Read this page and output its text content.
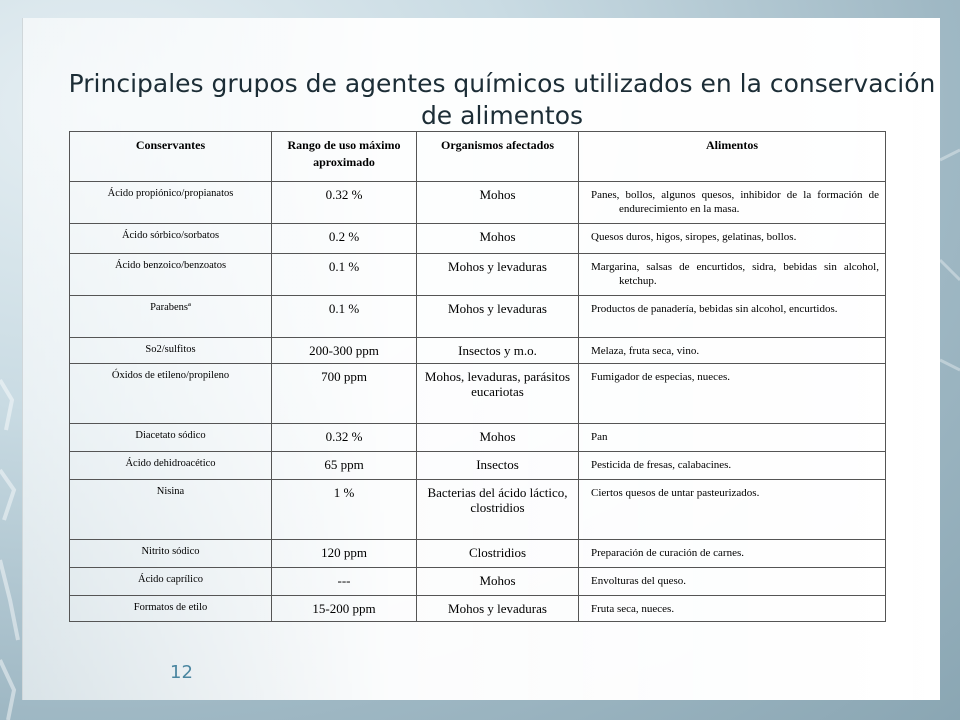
Principales grupos de agentes químicos utilizados en la conservación de alimentos
Conservantes	Rango de uso máximo	Organismos afectados	Alimentos
	aproximado		
Ácido propiónico/propianatos	0.32 %	Mohos	Panes, bollos, algunos quesos, inhibidor de la formación de endurecimiento en la masa.

Ácido sórbico/sorbatos	0.2 %	Mohos	Quesos duros, higos, siropes, gelatinas, bollos.

Ácido benzoico/benzoatos	0.1 %	Mohos y levaduras	Margarina, salsas de encurtidos, sidra, bebidas sin alcohol, ketchup.

Parabensª	0.1 %	Mohos y levaduras	Productos de panadería, bebidas sin alcohol, encurtidos.

So2/sulfitos	200-300 ppm	Insectos y m.o.	Melaza, fruta seca, vino.

Óxidos de etileno/propileno	700 ppm	Mohos, levaduras, parásitos eucariotas	Fumigador de especias, nueces.

Diacetato sódico	0.32 %	Mohos	Pan

Ácido dehidroacético	65 ppm	Insectos	Pesticida de fresas, calabacines.

Nisina	1 %	Bacterias del ácido láctico, clostridios	Ciertos quesos de untar pasteurizados.

Nitrito sódico	120 ppm	Clostridios	Preparación de curación de carnes.

Ácido caprílico	---	Mohos	Envolturas del queso.

Formatos de etilo	15-200 ppm	Mohos y levaduras	Fruta seca, nueces.
12
